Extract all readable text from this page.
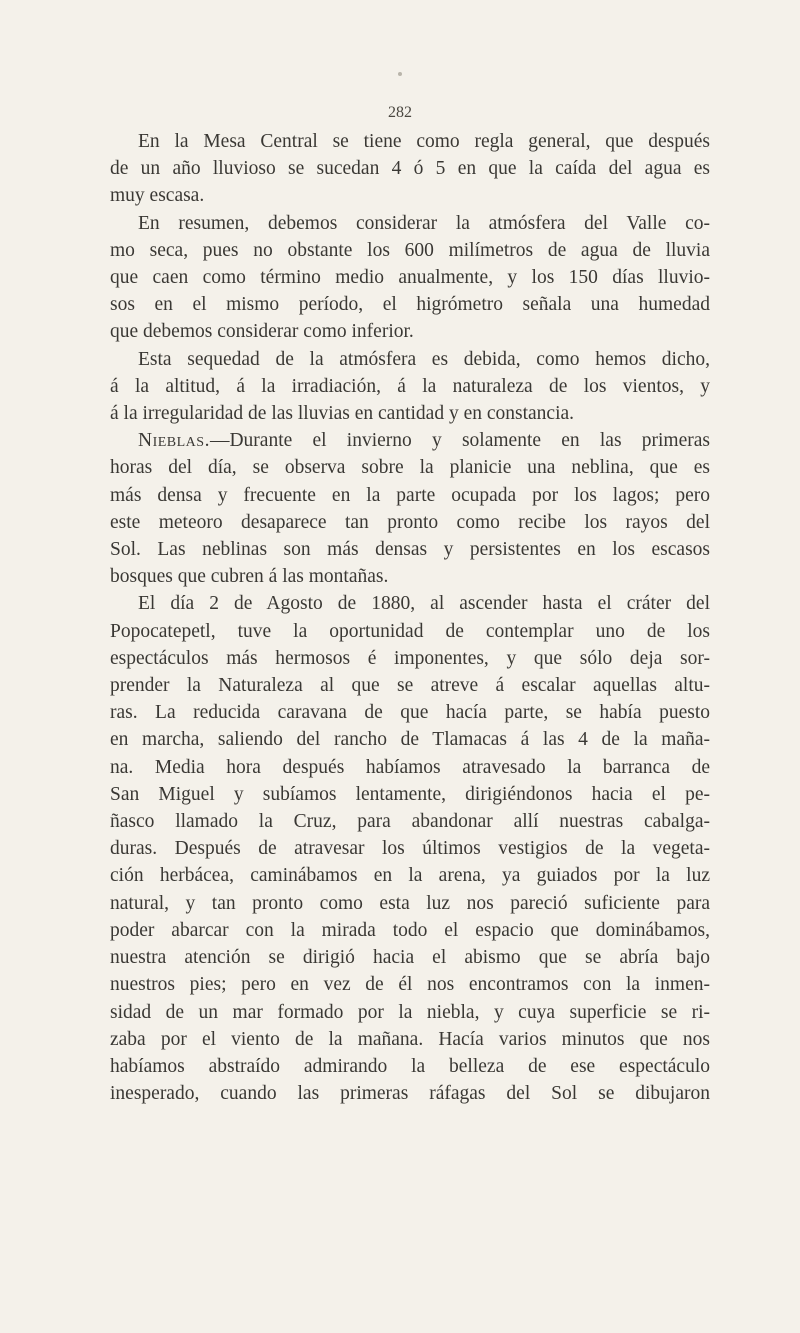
282
En la Mesa Central se tiene como regla general, que después
de un año lluvioso se sucedan 4 ó 5 en que la caída del agua es
muy escasa.
En resumen, debemos considerar la atmósfera del Valle co-
mo seca, pues no obstante los 600 milímetros de agua de lluvia
que caen como término medio anualmente, y los 150 días lluvio-
sos en el mismo período, el higrómetro señala una humedad
que debemos considerar como inferior.
Esta sequedad de la atmósfera es debida, como hemos dicho,
á la altitud, á la irradiación, á la naturaleza de los vientos, y
á la irregularidad de las lluvias en cantidad y en constancia.
Nieblas.—Durante el invierno y solamente en las primeras
horas del día, se observa sobre la planicie una neblina, que es
más densa y frecuente en la parte ocupada por los lagos; pero
este meteoro desaparece tan pronto como recibe los rayos del
Sol. Las neblinas son más densas y persistentes en los escasos
bosques que cubren á las montañas.
El día 2 de Agosto de 1880, al ascender hasta el cráter del
Popocatepetl, tuve la oportunidad de contemplar uno de los
espectáculos más hermosos é imponentes, y que sólo deja sor-
prender la Naturaleza al que se atreve á escalar aquellas altu-
ras. La reducida caravana de que hacía parte, se había puesto
en marcha, saliendo del rancho de Tlamacas á las 4 de la maña-
na. Media hora después habíamos atravesado la barranca de
San Miguel y subíamos lentamente, dirigiéndonos hacia el pe-
ñasco llamado la Cruz, para abandonar allí nuestras cabalga-
duras. Después de atravesar los últimos vestigios de la vegeta-
ción herbácea, caminábamos en la arena, ya guiados por la luz
natural, y tan pronto como esta luz nos pareció suficiente para
poder abarcar con la mirada todo el espacio que dominábamos,
nuestra atención se dirigió hacia el abismo que se abría bajo
nuestros pies; pero en vez de él nos encontramos con la inmen-
sidad de un mar formado por la niebla, y cuya superficie se ri-
zaba por el viento de la mañana. Hacía varios minutos que nos
habíamos abstraído admirando la belleza de ese espectáculo
inesperado, cuando las primeras ráfagas del Sol se dibujaron
